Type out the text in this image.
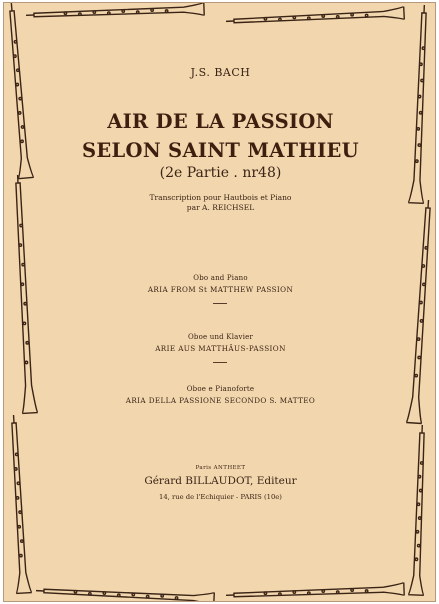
J.S. BACH
AIR DE LA PASSION
SELON SAINT MATHIEU
(2e Partie . nr48)
Transcription pour Hautbois et Piano
par A. REICHSEL
Obo and Piano
ARIA FROM St MATTHEW PASSION
Oboe und Klavier
ARIE AUS MATTHÄUS-PASSION
Oboe e Pianoforte
ARIA DELLA PASSIONE SECONDO S. MATTEO
Paris ANTHEET
Gérard BILLAUDOT, Editeur
14, rue de l'Echiquier - PARIS (10e)
